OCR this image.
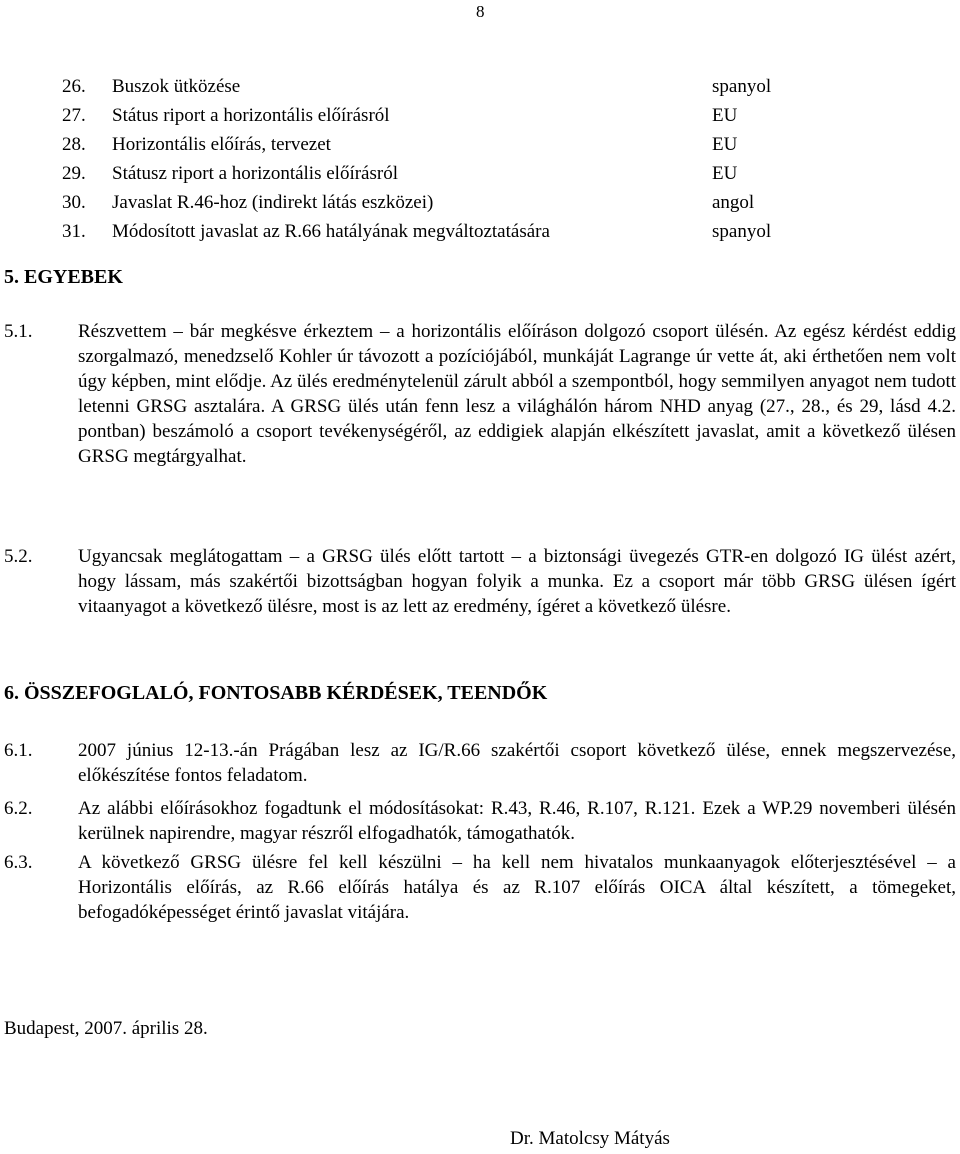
8
26.	Buszok ütközése	spanyol
27.	Státus riport a horizontális előírásról	EU
28.	Horizontális előírás, tervezet	EU
29.	Státusz riport a horizontális előírásról	EU
30.	Javaslat R.46-hoz (indirekt látás eszközei)	angol
31.	Módosított javaslat az R.66 hatályának megváltoztatására	spanyol
5. EGYEBEK
5.1. Részvettem – bár megkésve érkeztem – a horizontális előíráson dolgozó csoport ülésén. Az egész kérdést eddig szorgalmazó, menedzselő Kohler úr távozott a pozíciójából, munkáját Lagrange úr vette át, aki érthetően nem volt úgy képben, mint elődje. Az ülés eredménytelenül zárult abból a szempontból, hogy semmilyen anyagot nem tudott letenni GRSG asztalára. A GRSG ülés után fenn lesz a világhálón három NHD anyag (27., 28., és 29, lásd 4.2. pontban) beszámoló a csoport tevékenységéről, az eddigiek alapján elkészített javaslat, amit a következő ülésen GRSG megtárgyalhat.
5.2. Ugyancsak meglátogattam – a GRSG ülés előtt tartott – a biztonsági üvegezés GTR-en dolgozó IG ülést azért, hogy lássam, más szakértői bizottságban hogyan folyik a munka. Ez a csoport már több GRSG ülésen ígért vitaanyagot a következő ülésre, most is az lett az eredmény, ígéret a következő ülésre.
6. ÖSSZEFOGLALÓ, FONTOSABB KÉRDÉSEK, TEENDŐK
6.1. 2007 június 12-13.-án Prágában lesz az IG/R.66 szakértői csoport következő ülése, ennek megszervezése, előkészítése fontos feladatom.
6.2. Az alábbi előírásokhoz fogadtunk el módosításokat: R.43, R.46, R.107, R.121. Ezek a WP.29 novemberi ülésén kerülnek napirendre, magyar részről elfogadhatók, támogathatók.
6.3. A következő GRSG ülésre fel kell készülni – ha kell nem hivatalos munkaanyagok előterjesztésével – a Horizontális előírás, az R.66 előírás hatálya és az R.107 előírás OICA által készített, a tömegeket, befogadóképességet érintő javaslat vitájára.
Budapest, 2007. április 28.
Dr. Matolcsy Mátyás
